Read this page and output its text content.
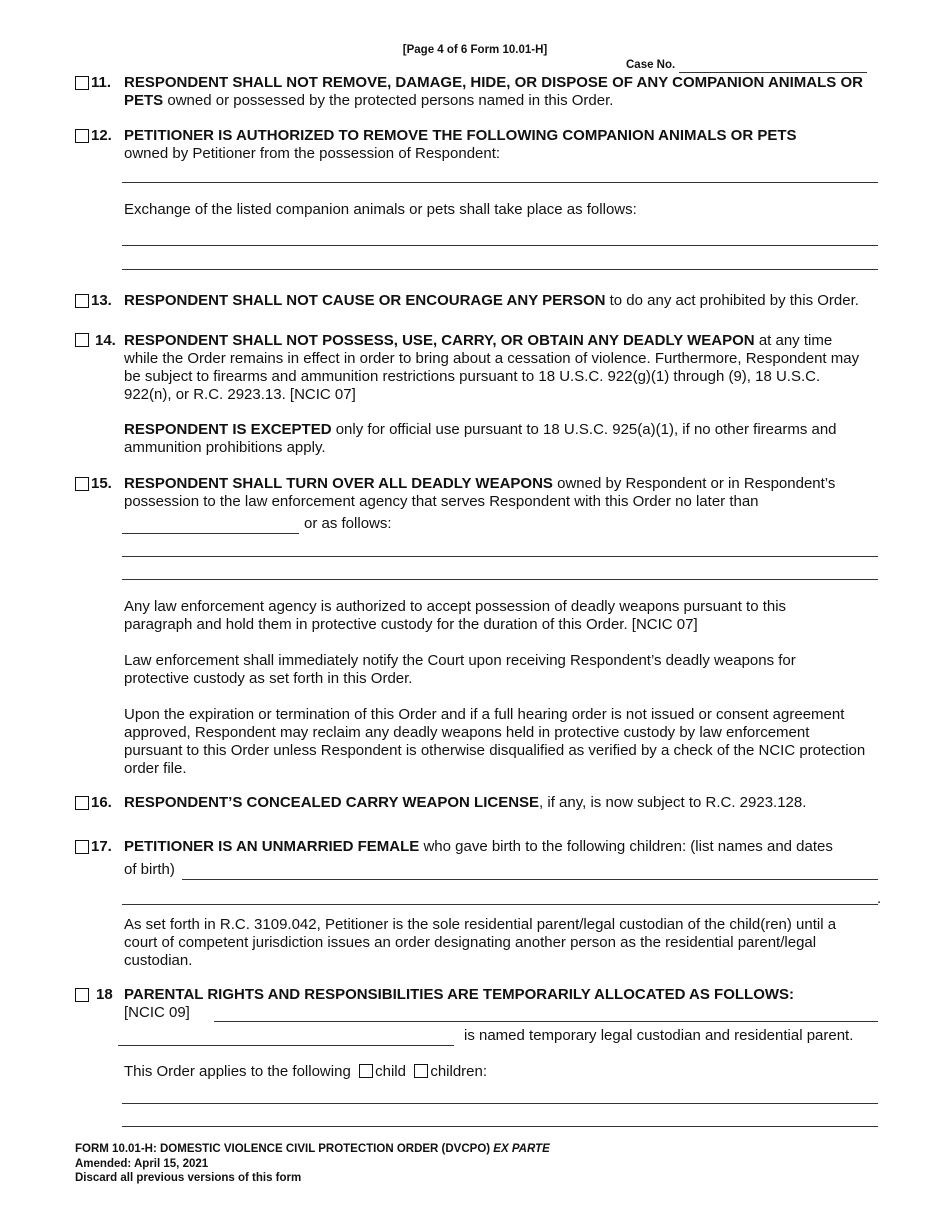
[Page 4 of 6 Form 10.01-H]
Case No.
11. RESPONDENT SHALL NOT REMOVE, DAMAGE, HIDE, OR DISPOSE OF ANY COMPANION ANIMALS OR PETS owned or possessed by the protected persons named in this Order.
12. PETITIONER IS AUTHORIZED TO REMOVE THE FOLLOWING COMPANION ANIMALS OR PETS
owned by Petitioner from the possession of Respondent:
Exchange of the listed companion animals or pets shall take place as follows:
13. RESPONDENT SHALL NOT CAUSE OR ENCOURAGE ANY PERSON to do any act prohibited by this Order.
14. RESPONDENT SHALL NOT POSSESS, USE, CARRY, OR OBTAIN ANY DEADLY WEAPON at any time while the Order remains in effect in order to bring about a cessation of violence. Furthermore, Respondent may be subject to firearms and ammunition restrictions pursuant to 18 U.S.C. 922(g)(1) through (9), 18 U.S.C. 922(n), or R.C. 2923.13. [NCIC 07]
RESPONDENT IS EXCEPTED only for official use pursuant to 18 U.S.C. 925(a)(1), if no other firearms and ammunition prohibitions apply.
15. RESPONDENT SHALL TURN OVER ALL DEADLY WEAPONS owned by Respondent or in Respondent’s possession to the law enforcement agency that serves Respondent with this Order no later than
or as follows:
Any law enforcement agency is authorized to accept possession of deadly weapons pursuant to this paragraph and hold them in protective custody for the duration of this Order. [NCIC 07]
Law enforcement shall immediately notify the Court upon receiving Respondent’s deadly weapons for protective custody as set forth in this Order.
Upon the expiration or termination of this Order and if a full hearing order is not issued or consent agreement approved, Respondent may reclaim any deadly weapons held in protective custody by law enforcement pursuant to this Order unless Respondent is otherwise disqualified as verified by a check of the NCIC protection order file.
16. RESPONDENT’S CONCEALED CARRY WEAPON LICENSE, if any, is now subject to R.C. 2923.128.
17. PETITIONER IS AN UNMARRIED FEMALE who gave birth to the following children: (list names and dates
of birth)
.
As set forth in R.C. 3109.042, Petitioner is the sole residential parent/legal custodian of the child(ren) until a court of competent jurisdiction issues an order designating another person as the residential parent/legal custodian.
18 PARENTAL RIGHTS AND RESPONSIBILITIES ARE TEMPORARILY ALLOCATED AS FOLLOWS:
[NCIC 09]
is named temporary legal custodian and residential parent.
This Order applies to the following child children:
FORM 10.01-H: DOMESTIC VIOLENCE CIVIL PROTECTION ORDER (DVCPO) EX PARTE
Amended: April 15, 2021
Discard all previous versions of this form
